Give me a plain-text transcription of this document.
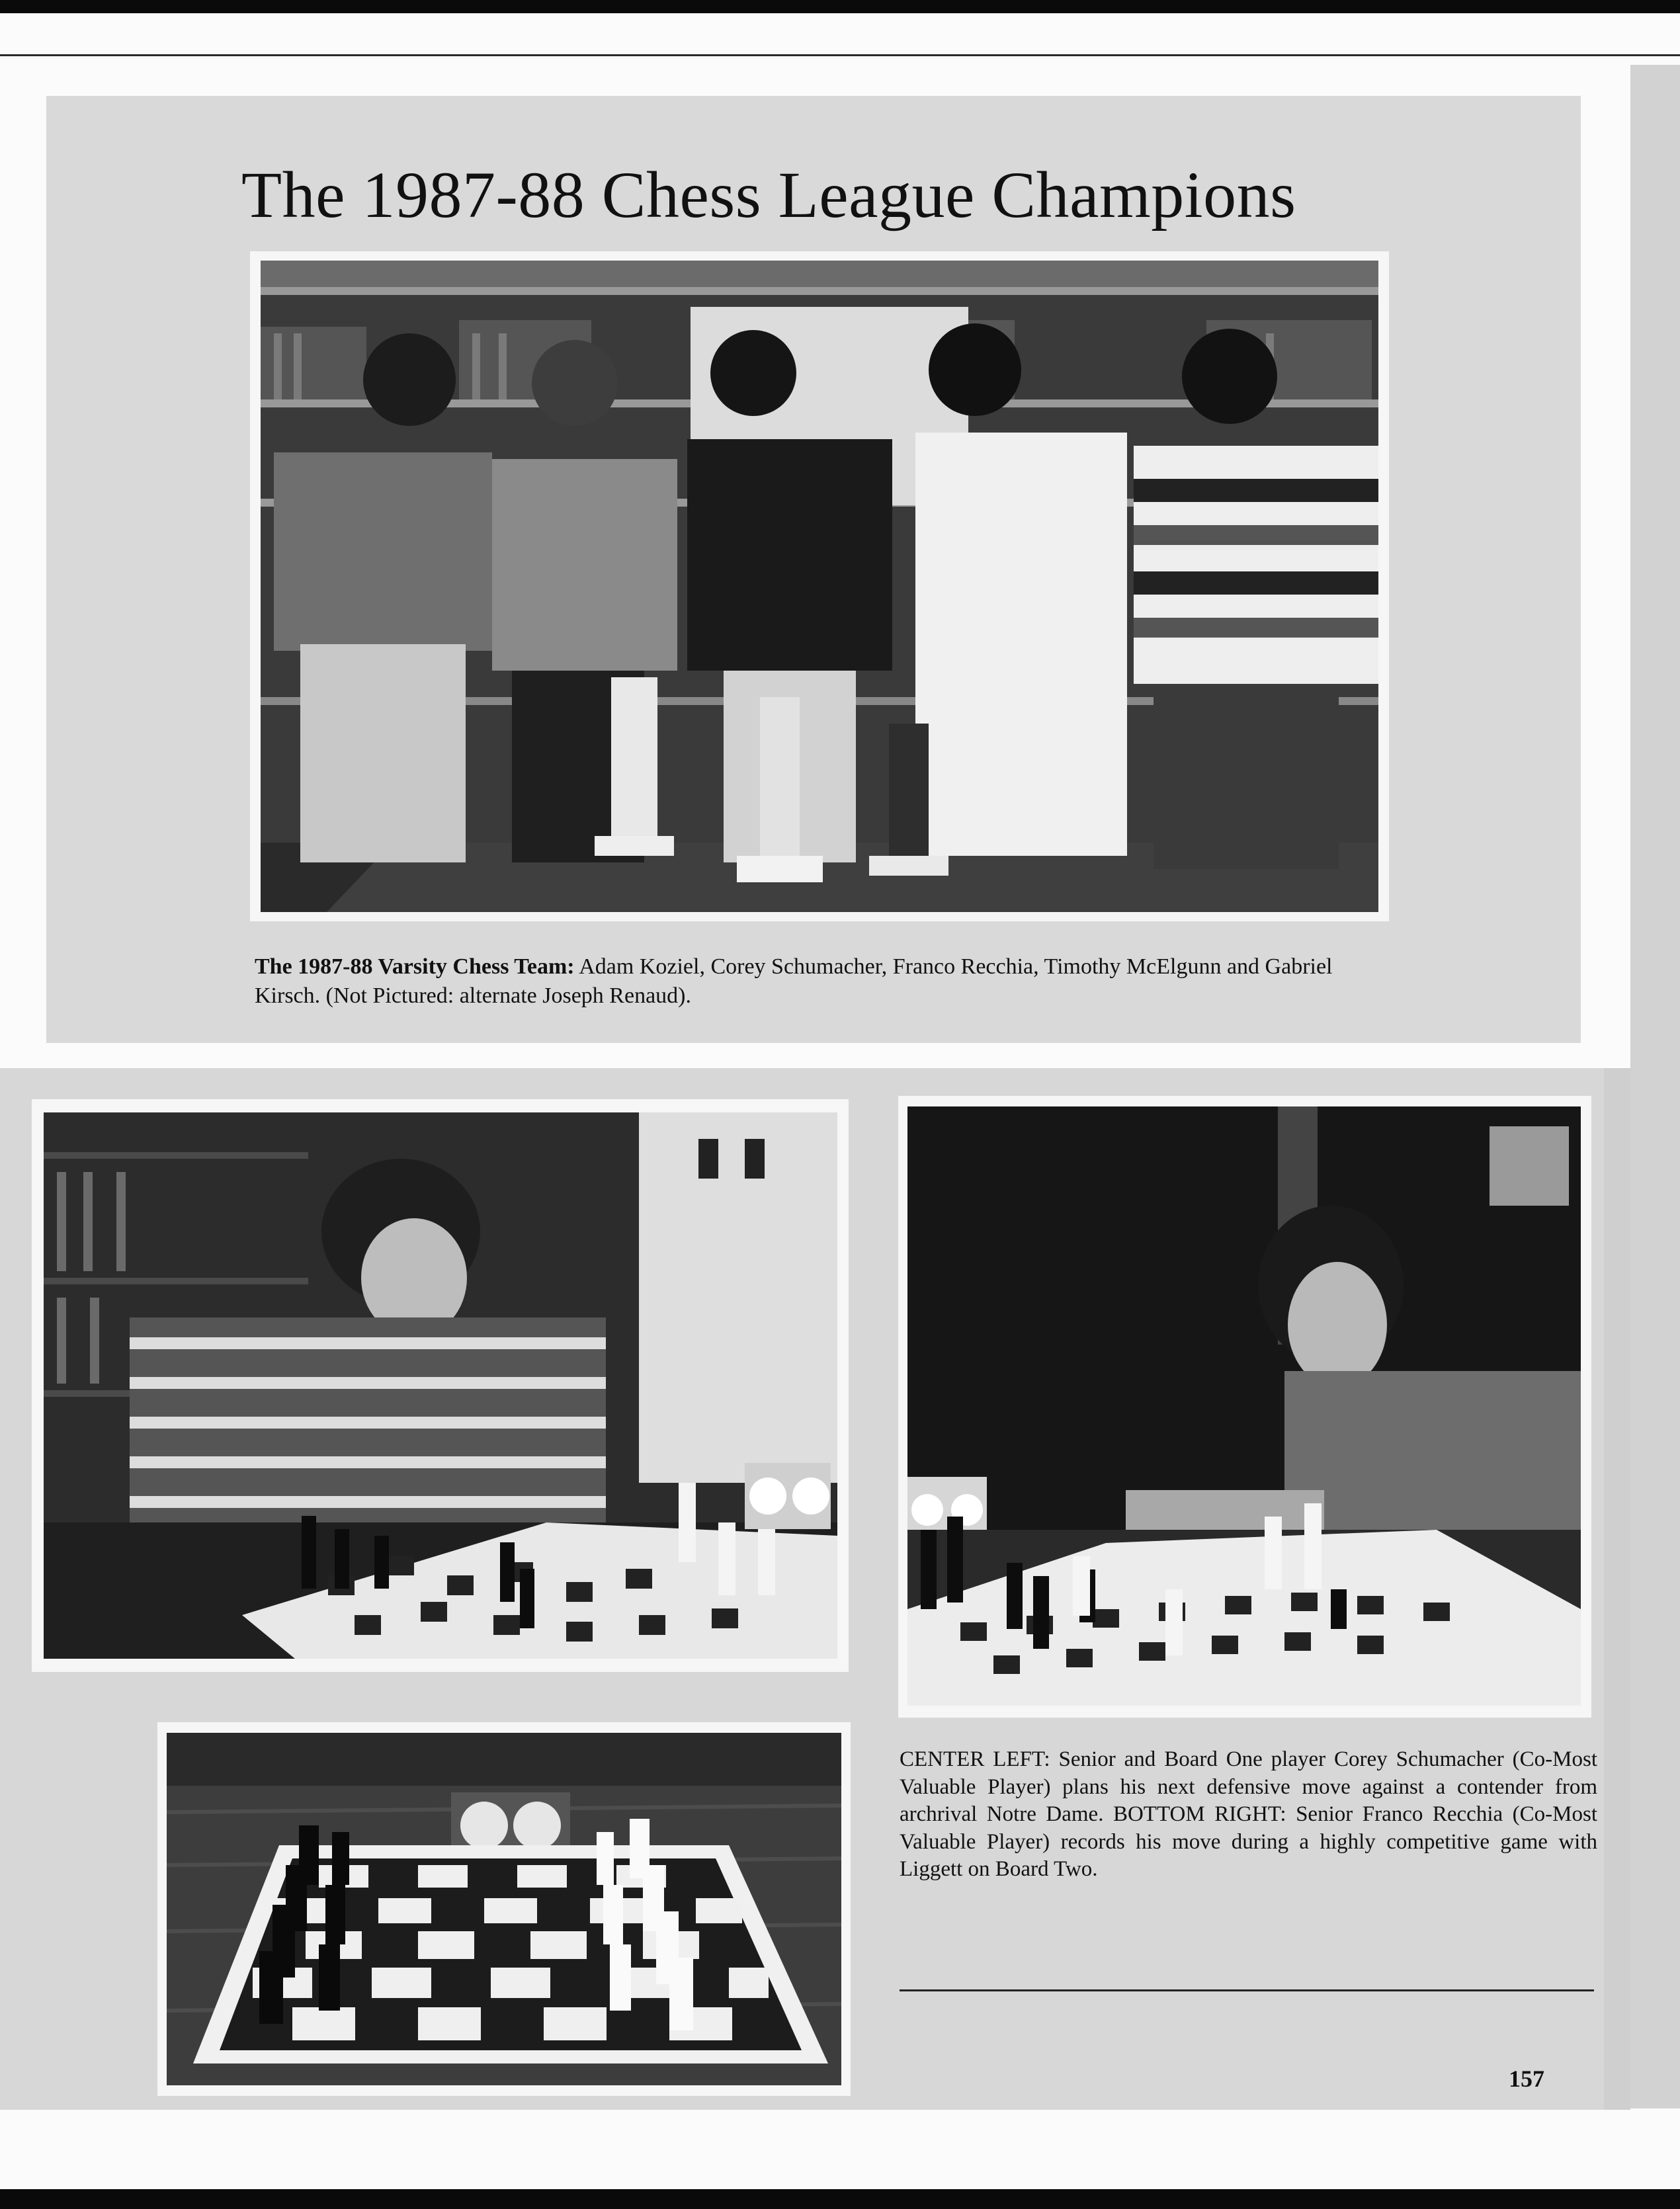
The 1987-88 Chess League Champions

The 1987-88 Varsity Chess Team: Adam Koziel, Corey Schumacher, Franco Recchia, Timothy McElgunn and Gabriel Kirsch. (Not Pictured: alternate Joseph Renaud).

CENTER LEFT: Senior and Board One player Corey Schumacher (Co-Most Valuable Player) plans his next defensive move against a contender from archrival Notre Dame. BOTTOM RIGHT: Senior Franco Recchia (Co-Most Valuable Player) records his move during a highly competitive game with Liggett on Board Two.

157
